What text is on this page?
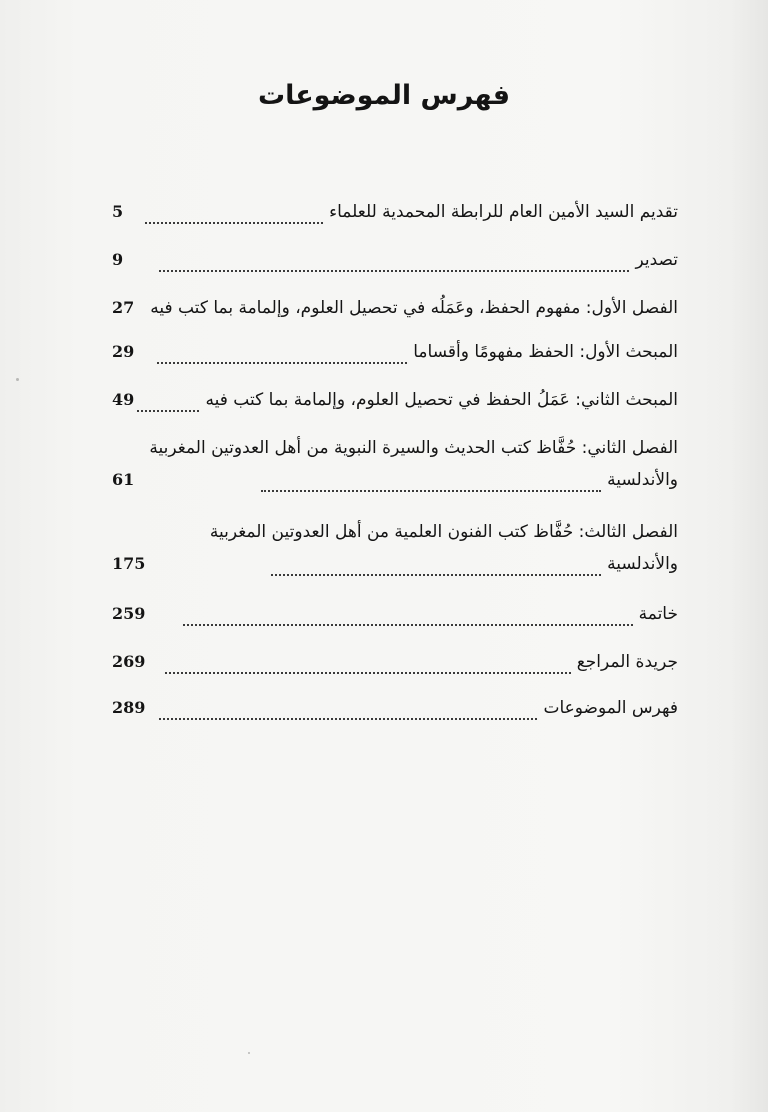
فهرس الموضوعات
تقديم السيد الأمين العام للرابطة المحمدية للعلماء
5
تصدير
9
الفصل الأول: مفهوم الحفظ، وعَمَلُه في تحصيل العلوم، وإلمامة بما كتب فيه
27
المبحث الأول: الحفظ مفهومًا وأقساما
29
المبحث الثاني: عَمَلُ الحفظ في تحصيل العلوم، وإلمامة بما كتب فيه
49
الفصل الثاني: حُفَّاظ كتب الحديث والسيرة النبوية من أهل العدوتين المغربية
والأندلسية
61
الفصل الثالث: حُفَّاظ كتب الفنون العلمية من أهل العدوتين المغربية
والأندلسية
175
خاتمة
259
جريدة المراجع
269
فهرس الموضوعات
289
